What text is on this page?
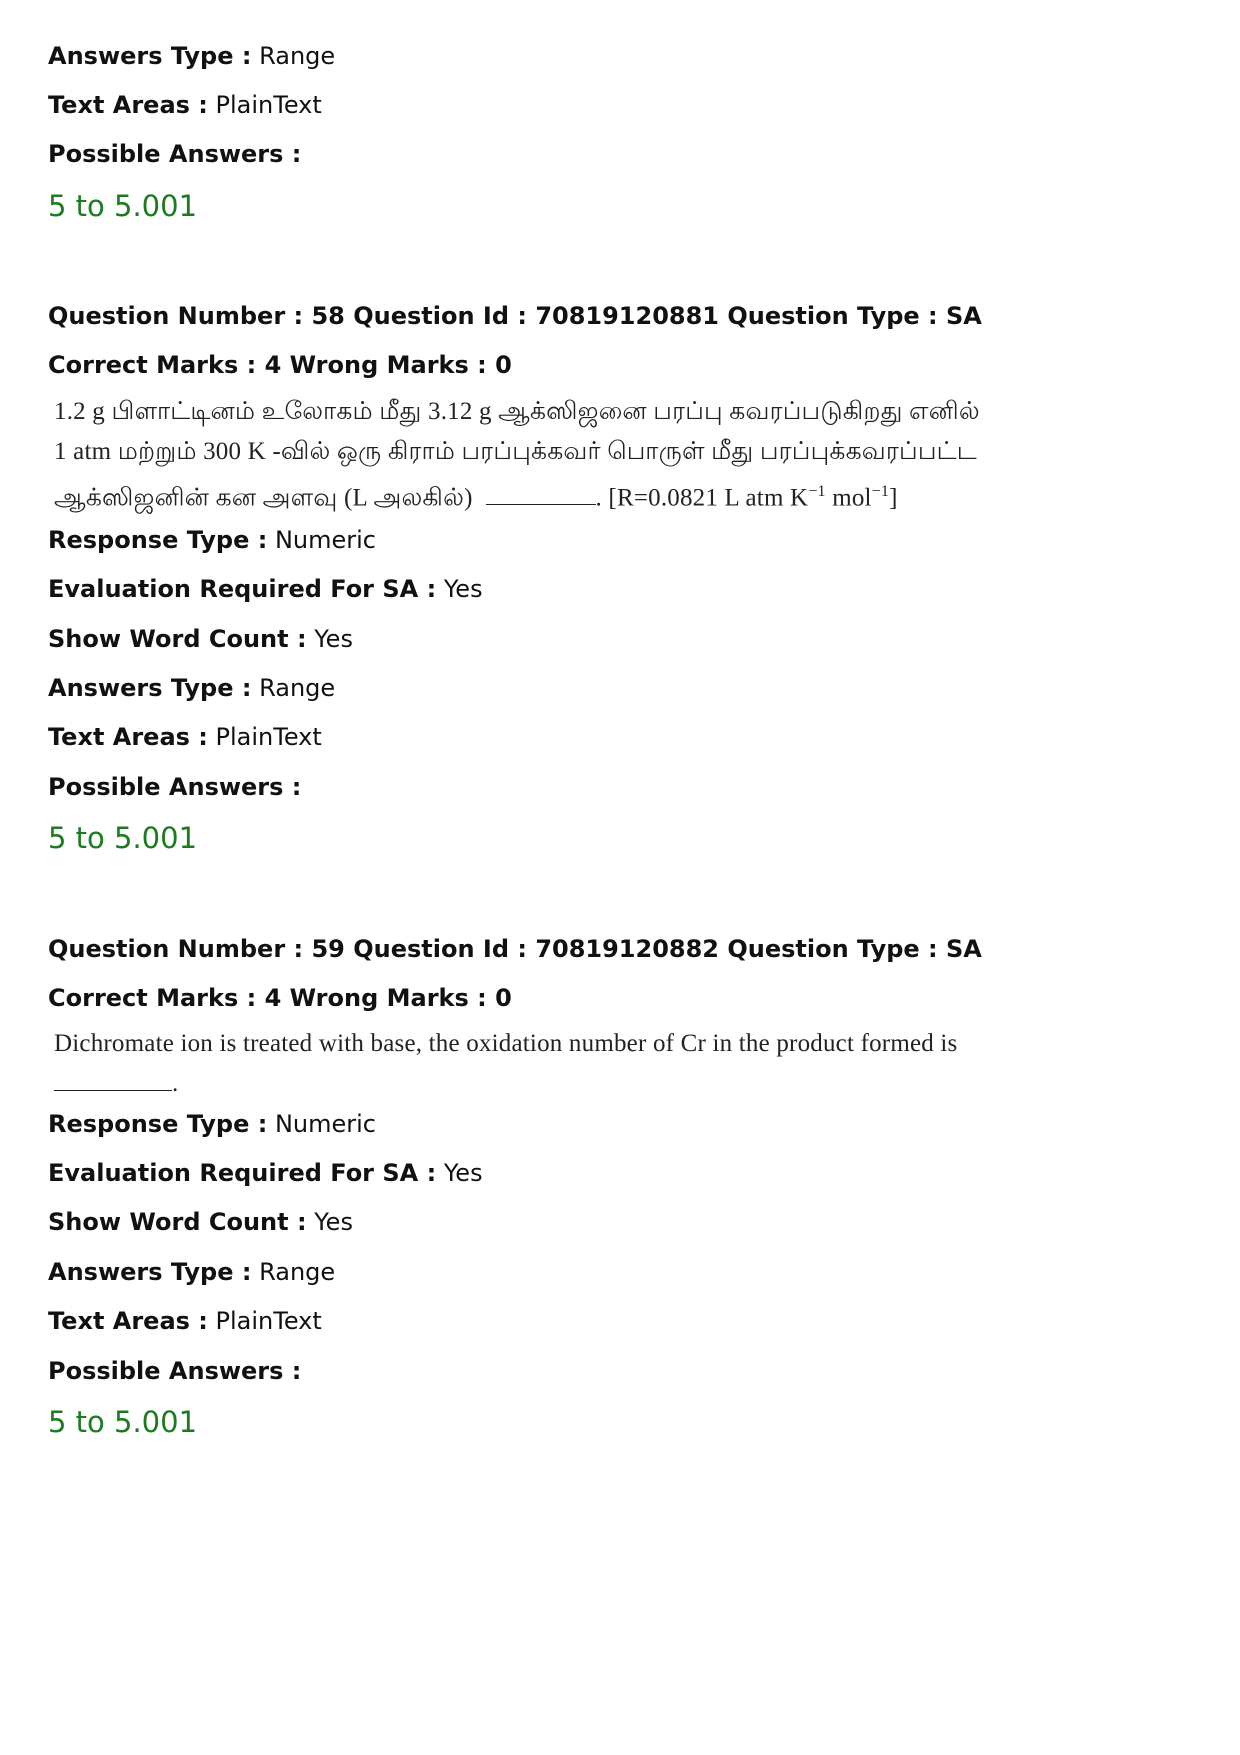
Answers Type : Range
Text Areas : PlainText
Possible Answers :
5 to 5.001
Question Number : 58 Question Id : 70819120881 Question Type : SA
Correct Marks : 4 Wrong Marks : 0
1.2 g பிளாட்டினம் உலோகம் மீது 3.12 g ஆக்ஸிஜனை பரப்பு கவரப்படுகிறது எனில்
1 atm மற்றும் 300 K -வில் ஒரு கிராம் பரப்புக்கவர் பொருள் மீது பரப்புக்கவரப்பட்ட
ஆக்ஸிஜனின் கன அளவு (L அலகில்)	. [R=0.0821 L atm $K^{-1}$ mol$^{-1}$]
Response Type : Numeric
Evaluation Required For SA : Yes
Show Word Count : Yes
Answers Type : Range
Text Areas : PlainText
Possible Answers :
5 to 5.001
Question Number : 59 Question Id : 70819120882 Question Type : SA
Correct Marks : 4 Wrong Marks : 0
Dichromate ion is treated with base, the oxidation number of Cr in the product formed is
.
Response Type : Numeric
Evaluation Required For SA : Yes
Show Word Count : Yes
Answers Type : Range
Text Areas : PlainText
Possible Answers :
5 to 5.001
